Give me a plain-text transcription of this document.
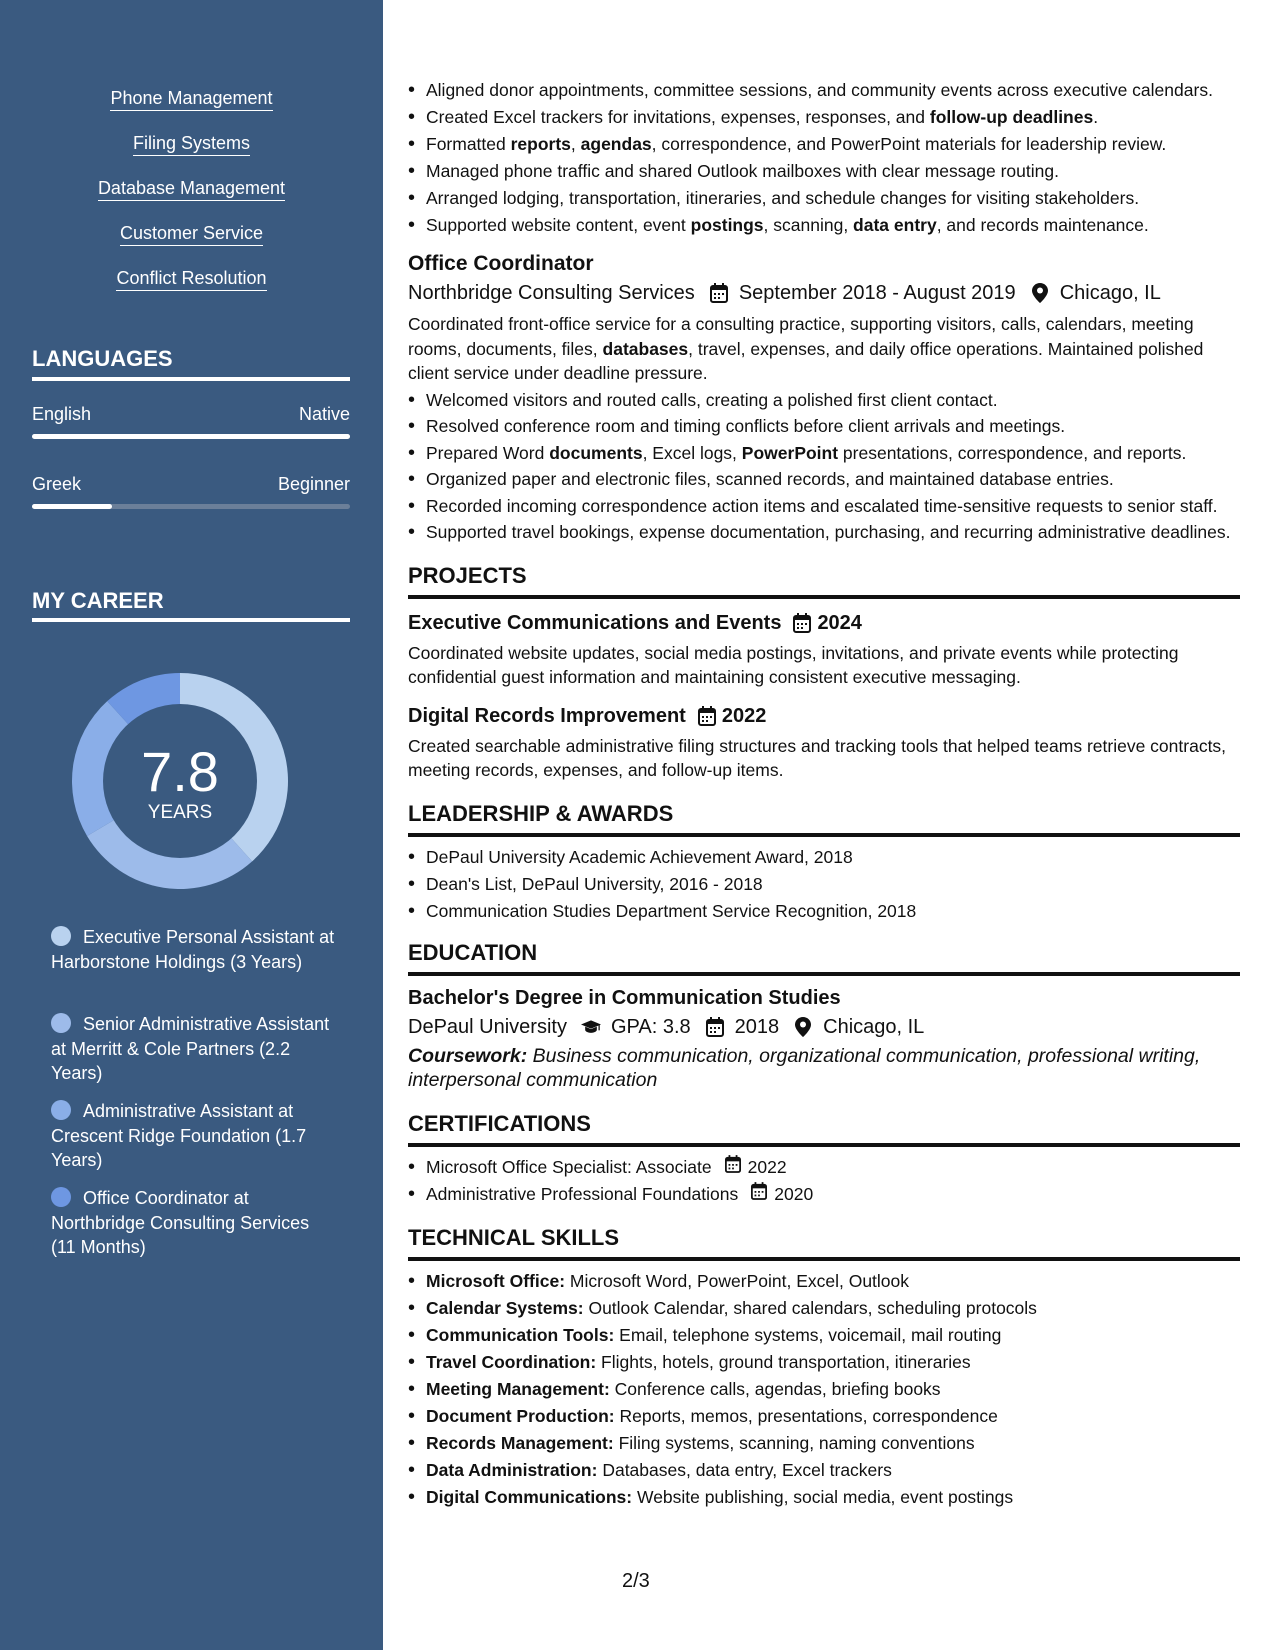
Phone Management
Filing Systems
Database Management
Customer Service
Conflict Resolution
LANGUAGES
English	Native
Greek	Beginner
MY CAREER
7.8
YEARS
Executive Personal Assistant at Harborstone Holdings (3 Years)
Senior Administrative Assistant at Merritt & Cole Partners (2.2 Years)
Administrative Assistant at Crescent Ridge Foundation (1.7 Years)
Office Coordinator at Northbridge Consulting Services (11 Months)
• Aligned donor appointments, committee sessions, and community events across executive calendars.
• Created Excel trackers for invitations, expenses, responses, and follow-up deadlines.
• Formatted reports, agendas, correspondence, and PowerPoint materials for leadership review.
• Managed phone traffic and shared Outlook mailboxes with clear message routing.
• Arranged lodging, transportation, itineraries, and schedule changes for visiting stakeholders.
• Supported website content, event postings, scanning, data entry, and records maintenance.
Office Coordinator
Northbridge Consulting Services September 2018 - August 2019 Chicago, IL
Coordinated front-office service for a consulting practice, supporting visitors, calls, calendars, meeting rooms, documents, files, databases, travel, expenses, and daily office operations. Maintained polished client service under deadline pressure.
• Welcomed visitors and routed calls, creating a polished first client contact.
• Resolved conference room and timing conflicts before client arrivals and meetings.
• Prepared Word documents, Excel logs, PowerPoint presentations, correspondence, and reports.
• Organized paper and electronic files, scanned records, and maintained database entries.
• Recorded incoming correspondence action items and escalated time-sensitive requests to senior staff.
• Supported travel bookings, expense documentation, purchasing, and recurring administrative deadlines.
PROJECTS
Executive Communications and Events 2024
Coordinated website updates, social media postings, invitations, and private events while protecting confidential guest information and maintaining consistent executive messaging.
Digital Records Improvement 2022
Created searchable administrative filing structures and tracking tools that helped teams retrieve contracts, meeting records, expenses, and follow-up items.
LEADERSHIP & AWARDS
• DePaul University Academic Achievement Award, 2018
• Dean's List, DePaul University, 2016 - 2018
• Communication Studies Department Service Recognition, 2018
EDUCATION
Bachelor's Degree in Communication Studies
DePaul University GPA: 3.8 2018 Chicago, IL
Coursework: Business communication, organizational communication, professional writing, interpersonal communication
CERTIFICATIONS
• Microsoft Office Specialist: Associate 2022
• Administrative Professional Foundations 2020
TECHNICAL SKILLS
• Microsoft Office: Microsoft Word, PowerPoint, Excel, Outlook
• Calendar Systems: Outlook Calendar, shared calendars, scheduling protocols
• Communication Tools: Email, telephone systems, voicemail, mail routing
• Travel Coordination: Flights, hotels, ground transportation, itineraries
• Meeting Management: Conference calls, agendas, briefing books
• Document Production: Reports, memos, presentations, correspondence
• Records Management: Filing systems, scanning, naming conventions
• Data Administration: Databases, data entry, Excel trackers
• Digital Communications: Website publishing, social media, event postings
2/3
